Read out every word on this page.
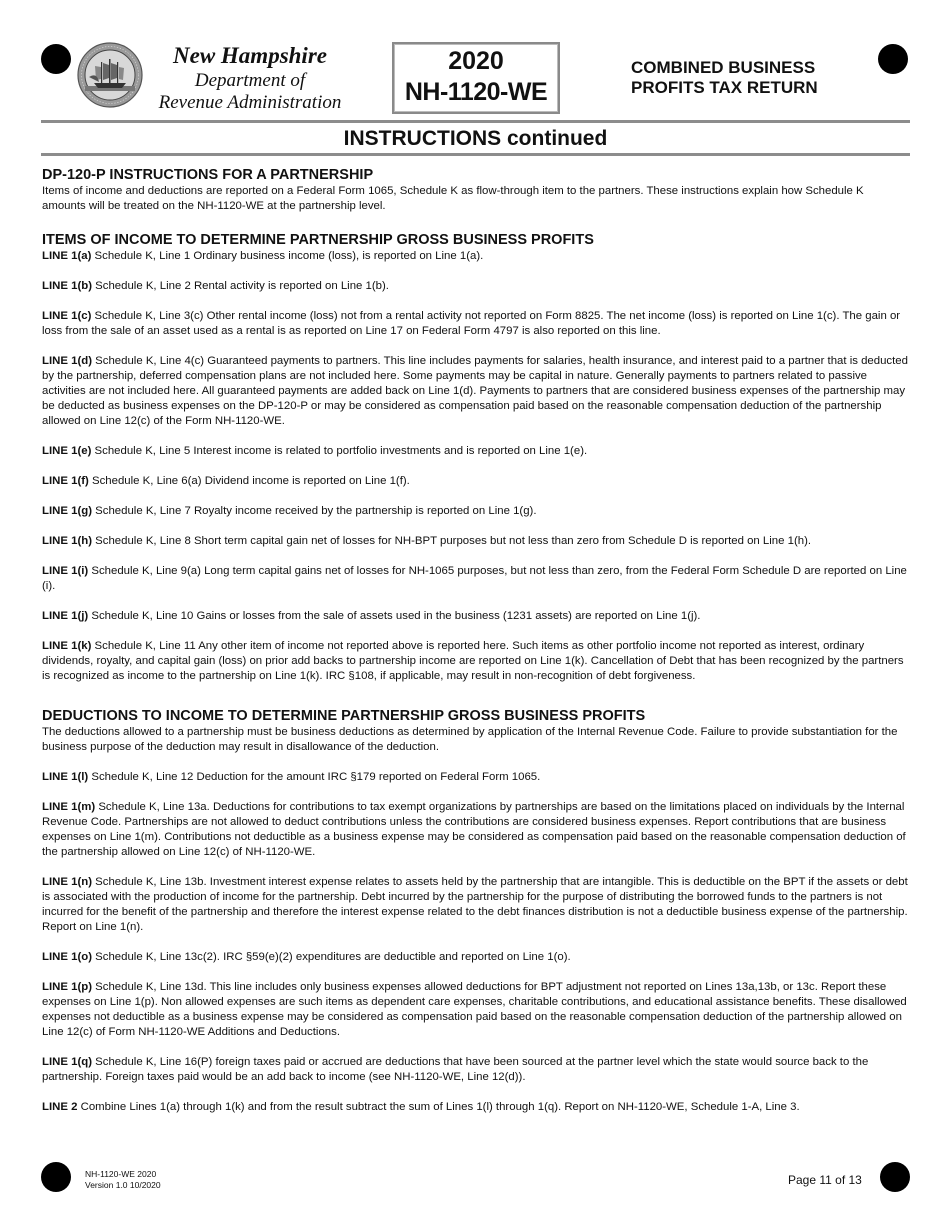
New Hampshire
Department of
Revenue Administration
2020
NH-1120-WE
COMBINED BUSINESS
PROFITS TAX RETURN
INSTRUCTIONS continued
DP-120-P INSTRUCTIONS FOR A PARTNERSHIP

Items of income and deductions are reported on a Federal Form 1065, Schedule K as flow-through item to the partners. These instructions explain how Schedule K amounts will be treated on the NH-1120-WE at the partnership level.

ITEMS OF INCOME TO DETERMINE PARTNERSHIP GROSS BUSINESS PROFITS

LINE 1(a) Schedule K, Line 1 Ordinary business income (loss), is reported on Line 1(a).

LINE 1(b) Schedule K, Line 2 Rental activity is reported on Line 1(b).

LINE 1(c) Schedule K, Line 3(c) Other rental income (loss) not from a rental activity not reported on Form 8825. The net income (loss) is reported on Line 1(c). The gain or loss from the sale of an asset used as a rental is as reported on Line 17 on Federal Form 4797 is also reported on this line.

LINE 1(d) Schedule K, Line 4(c) Guaranteed payments to partners. This line includes payments for salaries, health insurance, and interest paid to a partner that is deducted by the partnership, deferred compensation plans are not included here. Some payments may be capital in nature. Generally payments to partners related to passive activities are not included here. All guaranteed payments are added back on Line 1(d). Payments to partners that are considered business expenses of the partnership may be deducted as business expenses on the DP-120-P or may be considered as compensation paid based on the reasonable compensation deduction of the partnership allowed on Line 12(c) of the Form NH-1120-WE.

LINE 1(e) Schedule K, Line 5 Interest income is related to portfolio investments and is reported on Line 1(e).

LINE 1(f) Schedule K, Line 6(a) Dividend income is reported on Line 1(f).

LINE 1(g) Schedule K, Line 7 Royalty income received by the partnership is reported on Line 1(g).

LINE 1(h) Schedule K, Line 8 Short term capital gain net of losses for NH-BPT purposes but not less than zero from Schedule D is reported on Line 1(h).

LINE 1(i) Schedule K, Line 9(a) Long term capital gains net of losses for NH-1065 purposes, but not less than zero, from the Federal Form Schedule D are reported on Line (i).

LINE 1(j) Schedule K, Line 10 Gains or losses from the sale of assets used in the business (1231 assets) are reported on Line 1(j).

LINE 1(k) Schedule K, Line 11 Any other item of income not reported above is reported here. Such items as other portfolio income not reported as interest, ordinary dividends, royalty, and capital gain (loss) on prior add backs to partnership income are reported on Line 1(k). Cancellation of Debt that has been recognized by the partners is recognized as income to the partnership on Line 1(k). IRC §108, if applicable, may result in non-recognition of debt forgiveness.

DEDUCTIONS TO INCOME TO DETERMINE PARTNERSHIP GROSS BUSINESS PROFITS

The deductions allowed to a partnership must be business deductions as determined by application of the Internal Revenue Code. Failure to provide substantiation for the business purpose of the deduction may result in disallowance of the deduction.

LINE 1(l) Schedule K, Line 12 Deduction for the amount IRC §179 reported on Federal Form 1065.

LINE 1(m) Schedule K, Line 13a. Deductions for contributions to tax exempt organizations by partnerships are based on the limitations placed on individuals by the Internal Revenue Code. Partnerships are not allowed to deduct contributions unless the contributions are considered business expenses. Report contributions that are business expenses on Line 1(m). Contributions not deductible as a business expense may be considered as compensation paid based on the reasonable compensation deduction of the partnership allowed on Line 12(c) of NH-1120-WE.

LINE 1(n) Schedule K, Line 13b. Investment interest expense relates to assets held by the partnership that are intangible. This is deductible on the BPT if the assets or debt is associated with the production of income for the partnership. Debt incurred by the partnership for the purpose of distributing the borrowed funds to the partners is not incurred for the benefit of the partnership and therefore the interest expense related to the debt finances distribution is not a deductible business expense of the partnership. Report on Line 1(n).

LINE 1(o) Schedule K, Line 13c(2). IRC §59(e)(2) expenditures are deductible and reported on Line 1(o).

LINE 1(p) Schedule K, Line 13d. This line includes only business expenses allowed deductions for BPT adjustment not reported on Lines 13a,13b, or 13c. Report these expenses on Line 1(p). Non allowed expenses are such items as dependent care expenses, charitable contributions, and educational assistance benefits. These disallowed expenses not deductible as a business expense may be considered as compensation paid based on the reasonable compensation deduction of the partnership allowed on Line 12(c) of Form NH-1120-WE Additions and Deductions.

LINE 1(q) Schedule K, Line 16(P) foreign taxes paid or accrued are deductions that have been sourced at the partner level which the state would source back to the partnership. Foreign taxes paid would be an add back to income (see NH-1120-WE, Line 12(d)).

LINE 2 Combine Lines 1(a) through 1(k) and from the result subtract the sum of Lines 1(l) through 1(q). Report on NH-1120-WE, Schedule 1-A, Line 3.

NH-1120-WE 2020
Version 1.0 10/2020	Page 11 of 13
